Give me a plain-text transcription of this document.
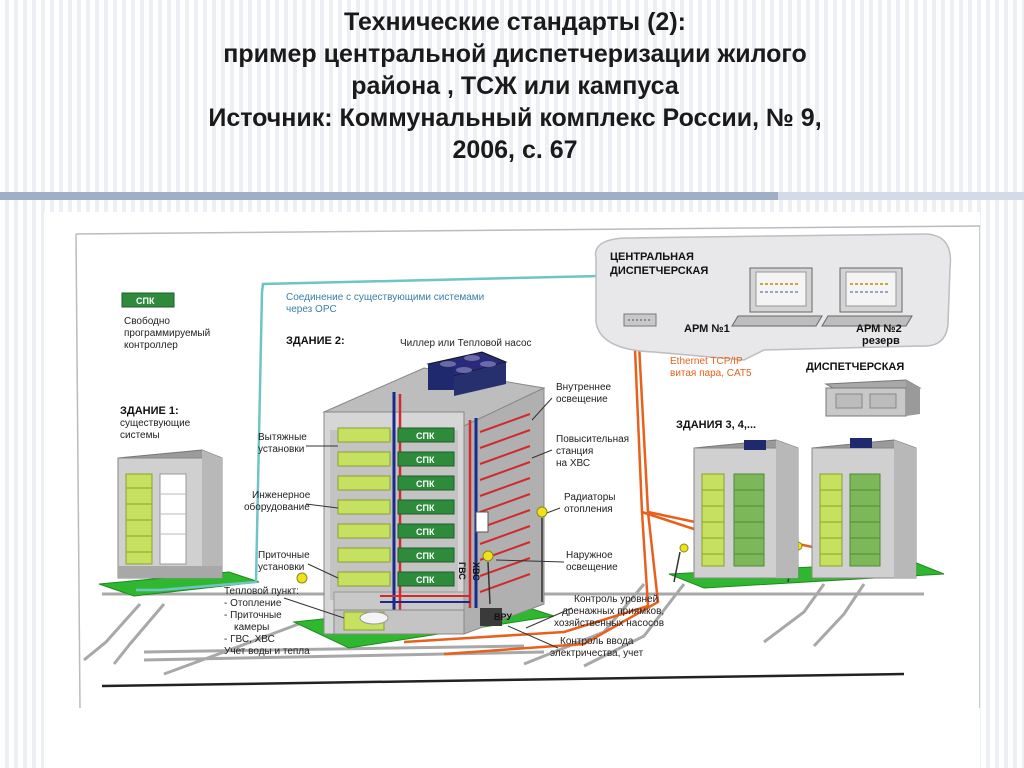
Технические стандарты (2):
пример центральной диспетчеризации жилого
района , ТСЖ или кампуса
Источник: Коммунальный комплекс России, № 9,
2006, с. 67
ЦЕНТРАЛЬНАЯ
ДИСПЕТЧЕРСКАЯ
АРМ №1	АРМ №2
резерв
Соединение с существующими системами
через OPC
Ethernet TCP/IP
витая пара, CAT5
ДИСПЕТЧЕРСКАЯ
СПК
Свободно
программируемый
контроллер
ЗДАНИЕ 1:
существующие
системы
ЗДАНИЕ 2:	Чиллер или Тепловой насос
СПК
СПК
СПК
СПК
СПК
СПК
СПК
ГВС ХВС
ВРУ
Вытяжные
установки
Инженерное
оборудование
Приточные
установки
Тепловой пункт:
- Отопление
- Приточные
камеры
- ГВС, ХВС
Учет воды и тепла
Внутреннее
освещение
Повысительная
станция
на ХВС
Радиаторы
отопления
Наружное
освещение
Контроль уровней
дренажных приямков,
хозяйственных насосов
Контроль ввода
электричества, учет
ЗДАНИЯ 3, 4,...
